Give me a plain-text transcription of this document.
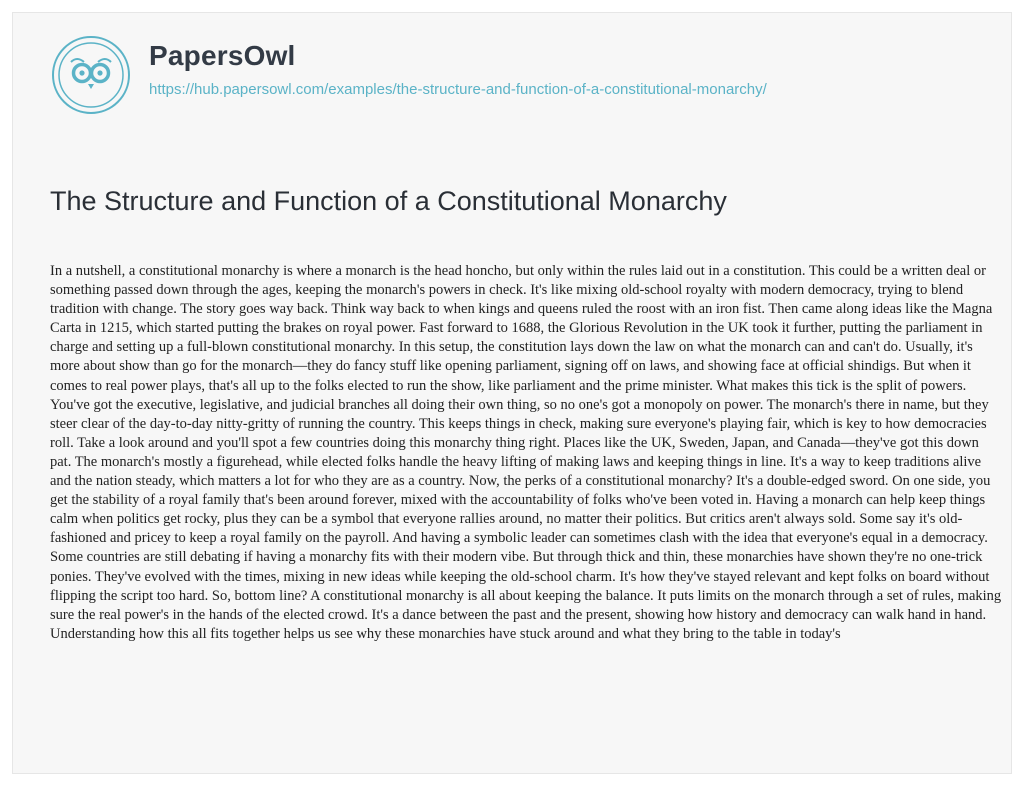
PapersOwl
https://hub.papersowl.com/examples/the-structure-and-function-of-a-constitutional-monarchy/
The Structure and Function of a Constitutional Monarchy

In a nutshell, a constitutional monarchy is where a monarch is the head honcho, but only within the rules laid out in a constitution. This could be a written deal or something passed down through the ages, keeping the monarch's powers in check. It's like mixing old-school royalty with modern democracy, trying to blend tradition with change. The story goes way back. Think way back to when kings and queens ruled the roost with an iron fist. Then came along ideas like the Magna Carta in 1215, which started putting the brakes on royal power. Fast forward to 1688, the Glorious Revolution in the UK took it further, putting the parliament in charge and setting up a full-blown constitutional monarchy. In this setup, the constitution lays down the law on what the monarch can and can't do. Usually, it's more about show than go for the monarch—they do fancy stuff like opening parliament, signing off on laws, and showing face at official shindigs. But when it comes to real power plays, that's all up to the folks elected to run the show, like parliament and the prime minister. What makes this tick is the split of powers. You've got the executive, legislative, and judicial branches all doing their own thing, so no one's got a monopoly on power. The monarch's there in name, but they steer clear of the day-to-day nitty-gritty of running the country. This keeps things in check, making sure everyone's playing fair, which is key to how democracies roll. Take a look around and you'll spot a few countries doing this monarchy thing right. Places like the UK, Sweden, Japan, and Canada—they've got this down pat. The monarch's mostly a figurehead, while elected folks handle the heavy lifting of making laws and keeping things in line. It's a way to keep traditions alive and the nation steady, which matters a lot for who they are as a country. Now, the perks of a constitutional monarchy? It's a double-edged sword. On one side, you get the stability of a royal family that's been around forever, mixed with the accountability of folks who've been voted in. Having a monarch can help keep things calm when politics get rocky, plus they can be a symbol that everyone rallies around, no matter their politics. But critics aren't always sold. Some say it's old-fashioned and pricey to keep a royal family on the payroll. And having a symbolic leader can sometimes clash with the idea that everyone's equal in a democracy. Some countries are still debating if having a monarchy fits with their modern vibe. But through thick and thin, these monarchies have shown they're no one-trick ponies. They've evolved with the times, mixing in new ideas while keeping the old-school charm. It's how they've stayed relevant and kept folks on board without flipping the script too hard. So, bottom line? A constitutional monarchy is all about keeping the balance. It puts limits on the monarch through a set of rules, making sure the real power's in the hands of the elected crowd. It's a dance between the past and the present, showing how history and democracy can walk hand in hand. Understanding how this all fits together helps us see why these monarchies have stuck around and what they bring to the table in today's
